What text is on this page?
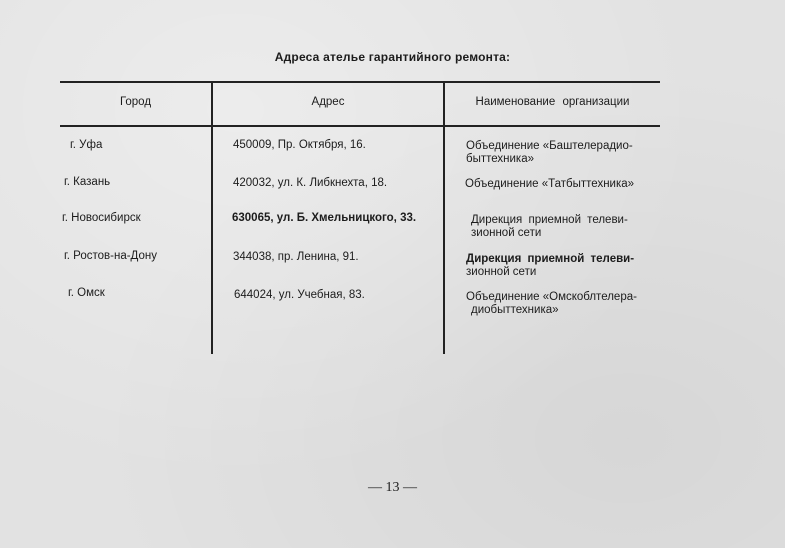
Адреса ателье гарантийного ремонта:
Город	Адрес	Наименование организации
г. Уфа	450009, Пр. Октября, 16.	Объединение «Баштелерадио-
быттехника»
г. Казань	420032, ул. К. Либкнехта, 18.	Объединение «Татбыттехника»
г. Новосибирск	630065, ул. Б. Хмельницкого, 33.	Дирекция приемной телеви-
зионной сети
г. Ростов-на-Дону	344038, пр. Ленина, 91.	Дирекция приемной телеви-
зионной сети
г. Омск	644024, ул. Учебная, 83.	Объединение «Омскоблтелера-
диобыттехника»
— 13 —
